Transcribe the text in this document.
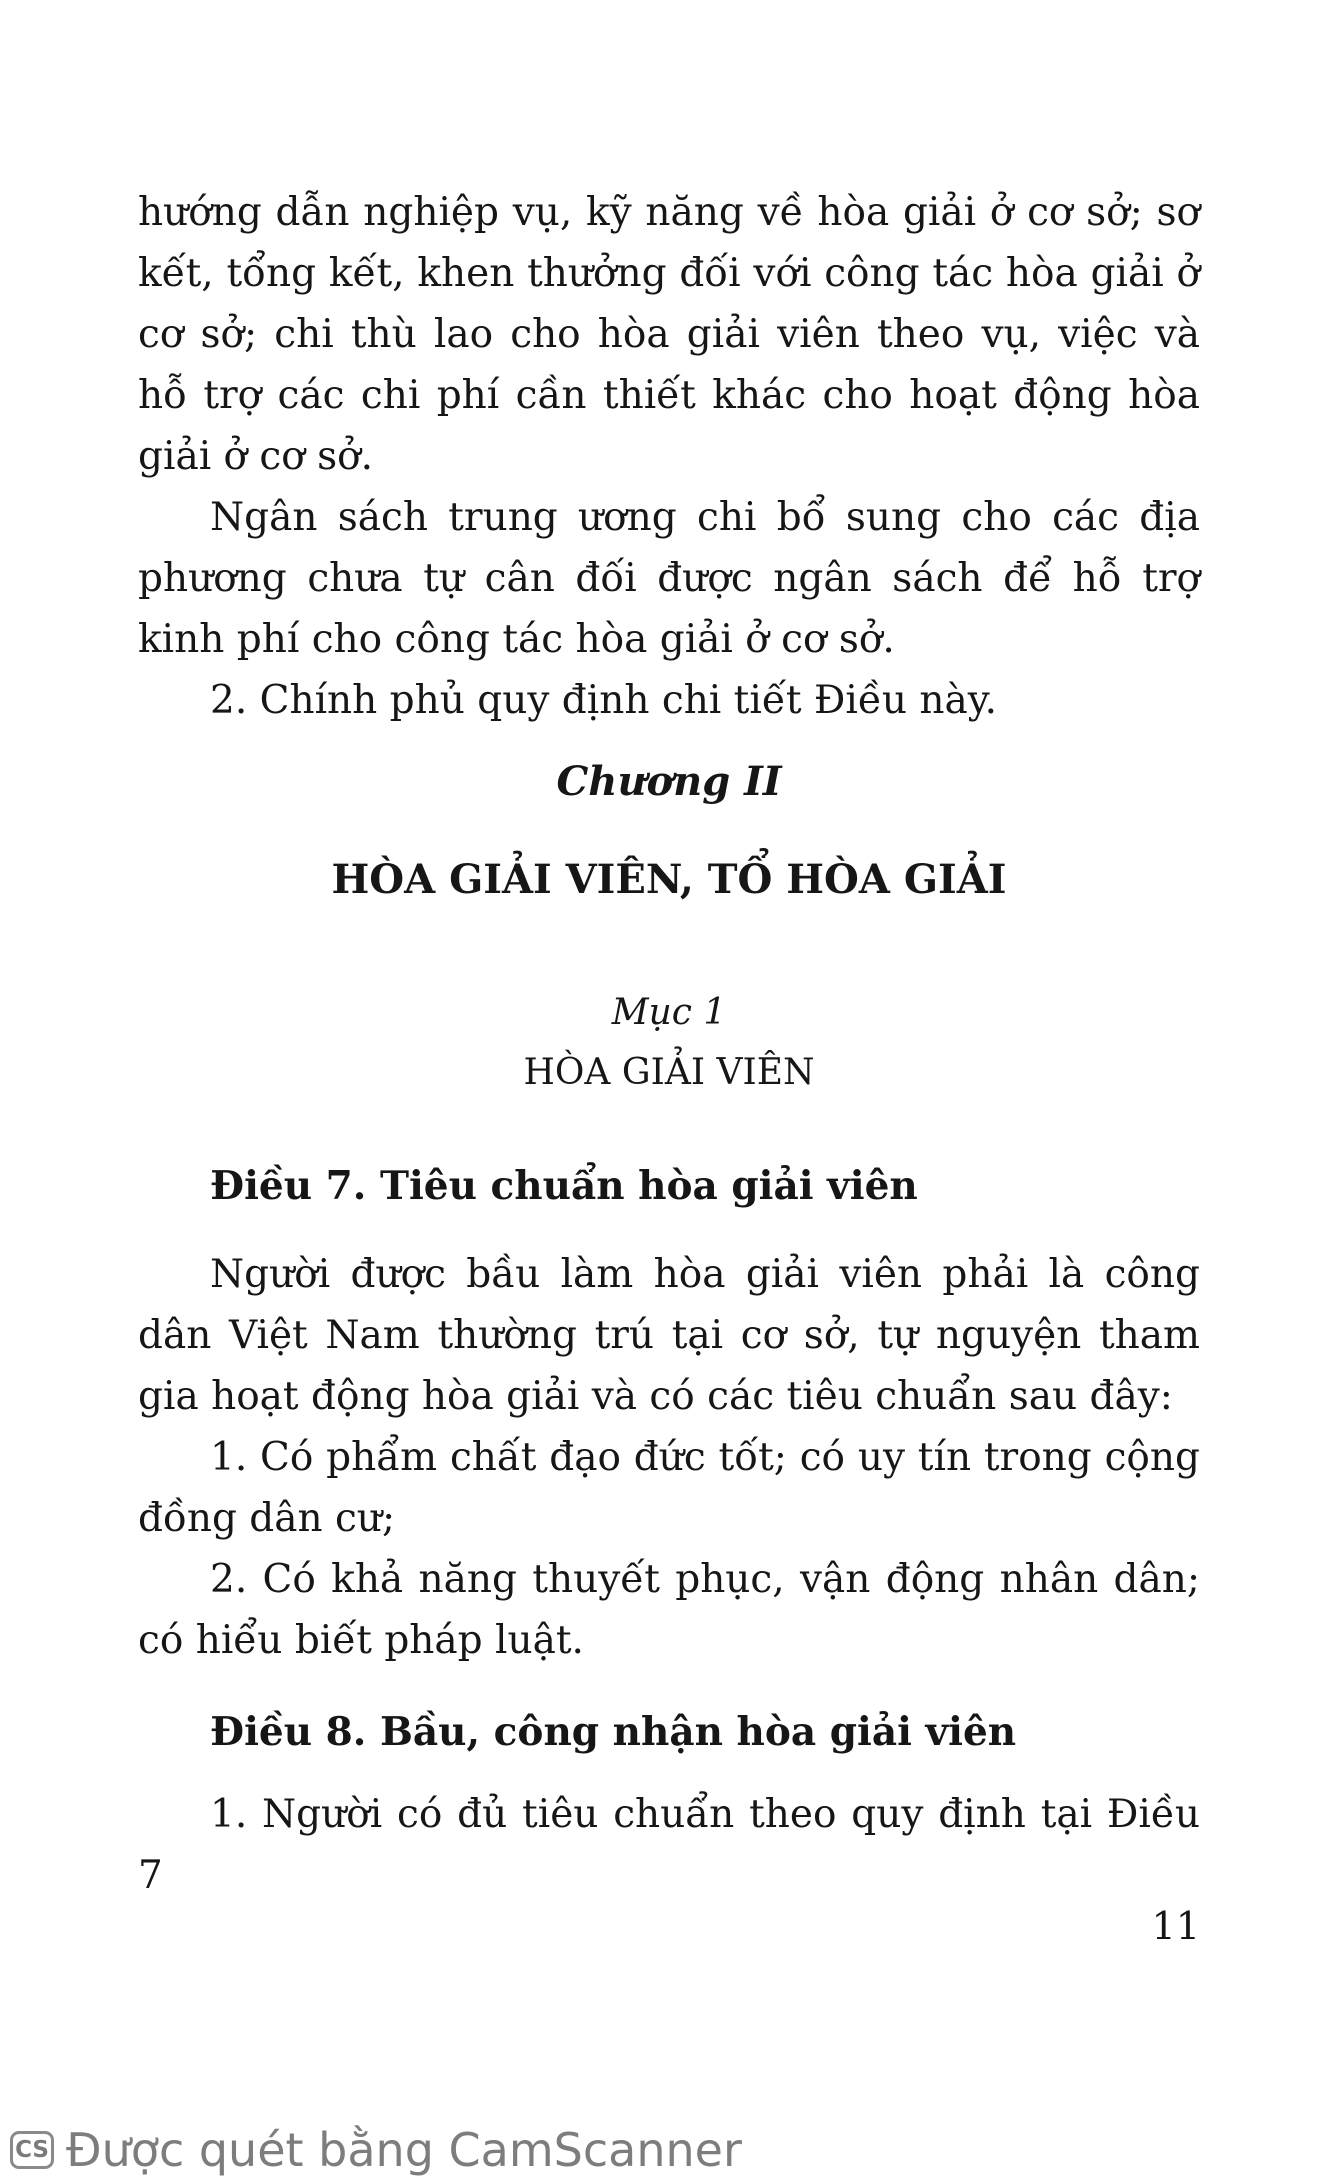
hướng dẫn nghiệp vụ, kỹ năng về hòa giải ở cơ sở; sơ kết, tổng kết, khen thưởng đối với công tác hòa giải ở cơ sở; chi thù lao cho hòa giải viên theo vụ, việc và hỗ trợ các chi phí cần thiết khác cho hoạt động hòa giải ở cơ sở.

Ngân sách trung ương chi bổ sung cho các địa phương chưa tự cân đối được ngân sách để hỗ trợ kinh phí cho công tác hòa giải ở cơ sở.

2. Chính phủ quy định chi tiết Điều này.

Chương II
HÒA GIẢI VIÊN, TỔ HÒA GIẢI
Mục 1
HÒA GIẢI VIÊN
Điều 7. Tiêu chuẩn hòa giải viên

Người được bầu làm hòa giải viên phải là công dân Việt Nam thường trú tại cơ sở, tự nguyện tham gia hoạt động hòa giải và có các tiêu chuẩn sau đây:

1. Có phẩm chất đạo đức tốt; có uy tín trong cộng đồng dân cư;

2. Có khả năng thuyết phục, vận động nhân dân; có hiểu biết pháp luật.

Điều 8. Bầu, công nhận hòa giải viên

1. Người có đủ tiêu chuẩn theo quy định tại Điều 7

11
CS Được quét bằng CamScanner
